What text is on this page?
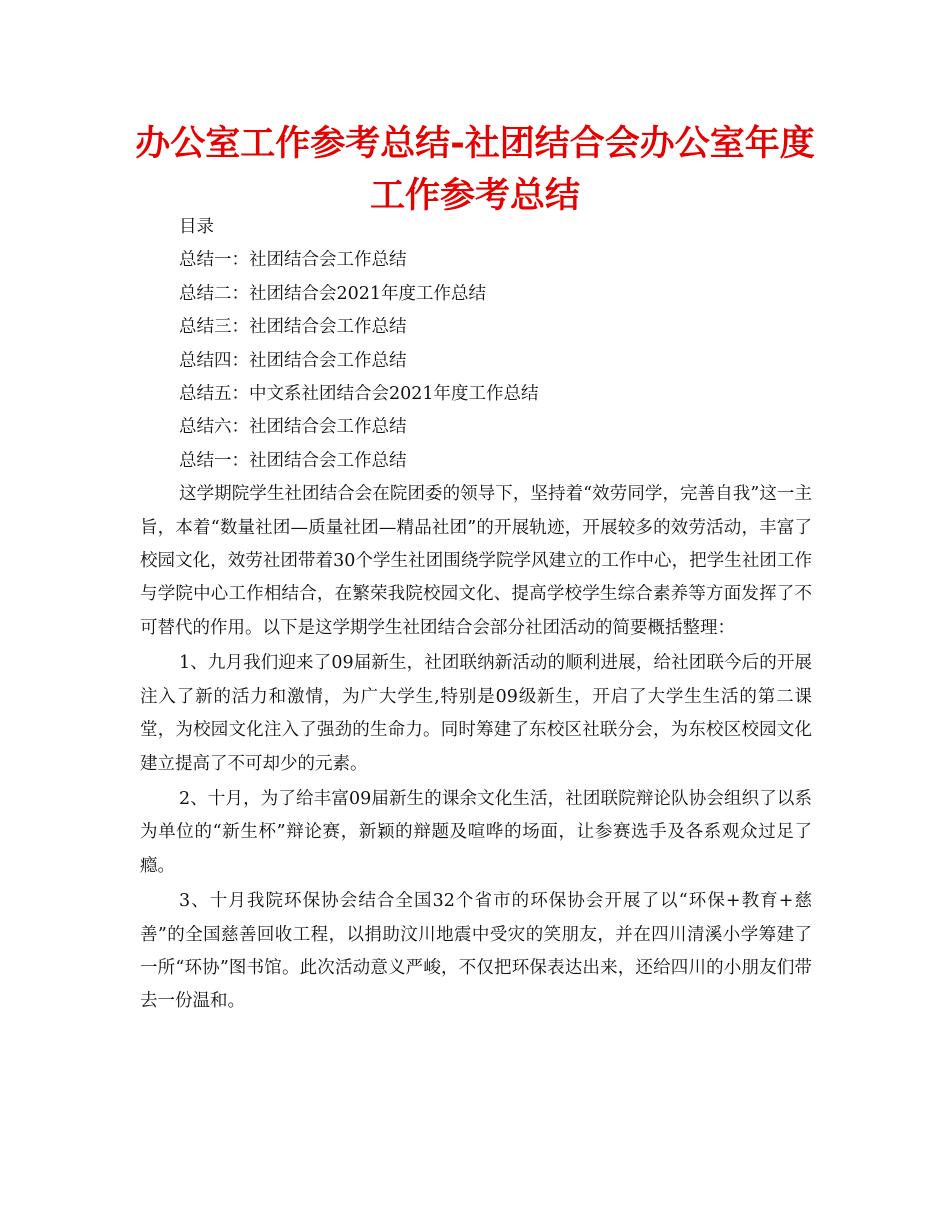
办公室工作参考总结-社团结合会办公室年度工作参考总结

目录

总结一：社团结合会工作总结

总结二：社团结合会2021年度工作总结

总结三：社团结合会工作总结

总结四：社团结合会工作总结

总结五：中文系社团结合会2021年度工作总结

总结六：社团结合会工作总结

总结一：社团结合会工作总结

这学期院学生社团结合会在院团委的领导下，坚持着“效劳同学，完善自我”这一主旨，本着“数量社团—质量社团—精品社团”的开展轨迹，开展较多的效劳活动，丰富了校园文化，效劳社团带着30个学生社团围绕学院学风建立的工作中心，把学生社团工作与学院中心工作相结合，在繁荣我院校园文化、提高学校学生综合素养等方面发挥了不可替代的作用。以下是这学期学生社团结合会部分社团活动的简要概括整理：

1、九月我们迎来了09届新生，社团联纳新活动的顺利进展，给社团联今后的开展注入了新的活力和激情，为广大学生,特别是09级新生，开启了大学生生活的第二课堂，为校园文化注入了强劲的生命力。同时筹建了东校区社联分会，为东校区校园文化建立提高了不可却少的元素。

2、十月，为了给丰富09届新生的课余文化生活，社团联院辩论队协会组织了以系为单位的“新生杯”辩论赛，新颖的辩题及喧哗的场面，让参赛选手及各系观众过足了瘾。

3、十月我院环保协会结合全国32个省市的环保协会开展了以“环保+教育+慈善”的全国慈善回收工程，以捐助汶川地震中受灾的笑朋友，并在四川清溪小学筹建了一所“环协”图书馆。此次活动意义严峻，不仅把环保表达出来，还给四川的小朋友们带去一份温和。
